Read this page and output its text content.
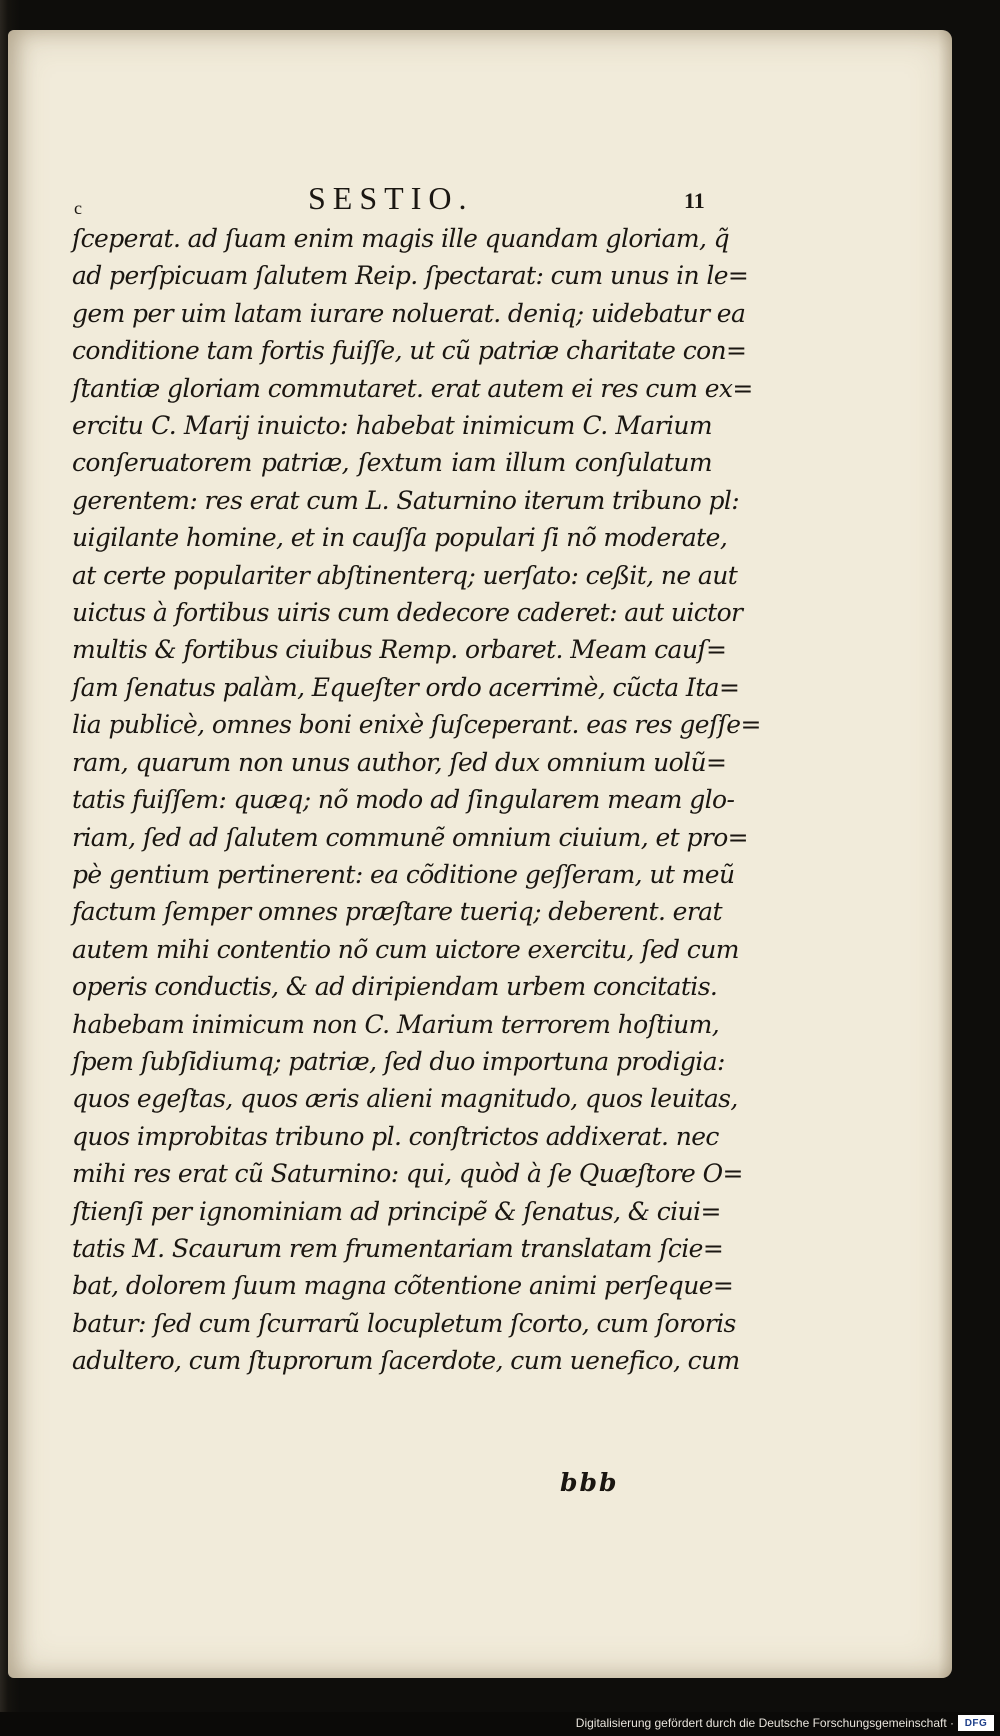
c	SESTIO.	11
ſceperat. ad ſuam enim magis ille quandam gloriam, q̃
ad perſpicuam ſalutem Reip. ſpectarat: cum unus in le=
gem per uim latam iurare noluerat. deniq; uidebatur ea
conditione tam fortis fuiſſe, ut cũ patriæ charitate con=
ſtantiæ gloriam commutaret. erat autem ei res cum ex=
ercitu C. Marij inuicto: habebat inimicum C. Marium
conſeruatorem patriæ, ſextum iam illum conſulatum
gerentem: res erat cum L. Saturnino iterum tribuno pl:
uigilante homine, et in cauſſa populari ſi nõ moderate,
at certe populariter abſtinenterq; uerſato: ceßit, ne aut
uictus à fortibus uiris cum dedecore caderet: aut uictor
multis & fortibus ciuibus Remp. orbaret. Meam cauſ=
ſam ſenatus palàm, Equeſter ordo acerrimè, cũcta Ita=
lia publicè, omnes boni enixè ſuſceperant. eas res geſſe=
ram, quarum non unus author, ſed dux omnium uolũ=
tatis fuiſſem: quæq; nõ modo ad ſingularem meam glo-
riam, ſed ad ſalutem communẽ omnium ciuium, et pro=
pè gentium pertinerent: ea cõditione geſſeram, ut meũ
factum ſemper omnes præſtare tueriq; deberent. erat
autem mihi contentio nõ cum uictore exercitu, ſed cum
operis conductis, & ad diripiendam urbem concitatis.
habebam inimicum non C. Marium terrorem hoſtium,
ſpem ſubſidiumq; patriæ, ſed duo importuna prodigia:
quos egeſtas, quos æris alieni magnitudo, quos leuitas,
quos improbitas tribuno pl. conſtrictos addixerat. nec
mihi res erat cũ Saturnino: qui, quòd à ſe Quæſtore O=
ſtienſi per ignominiam ad principẽ & ſenatus, & ciui=
tatis M. Scaurum rem frumentariam translatam ſcie=
bat, dolorem ſuum magna cõtentione animi perſeque=
batur: ſed cum ſcurrarũ locupletum ſcorto, cum ſororis
adultero, cum ſtuprorum ſacerdote, cum uenefico, cum
bbb
Digitalisierung gefördert durch die Deutsche Forschungsgemeinschaft ·	DFG
